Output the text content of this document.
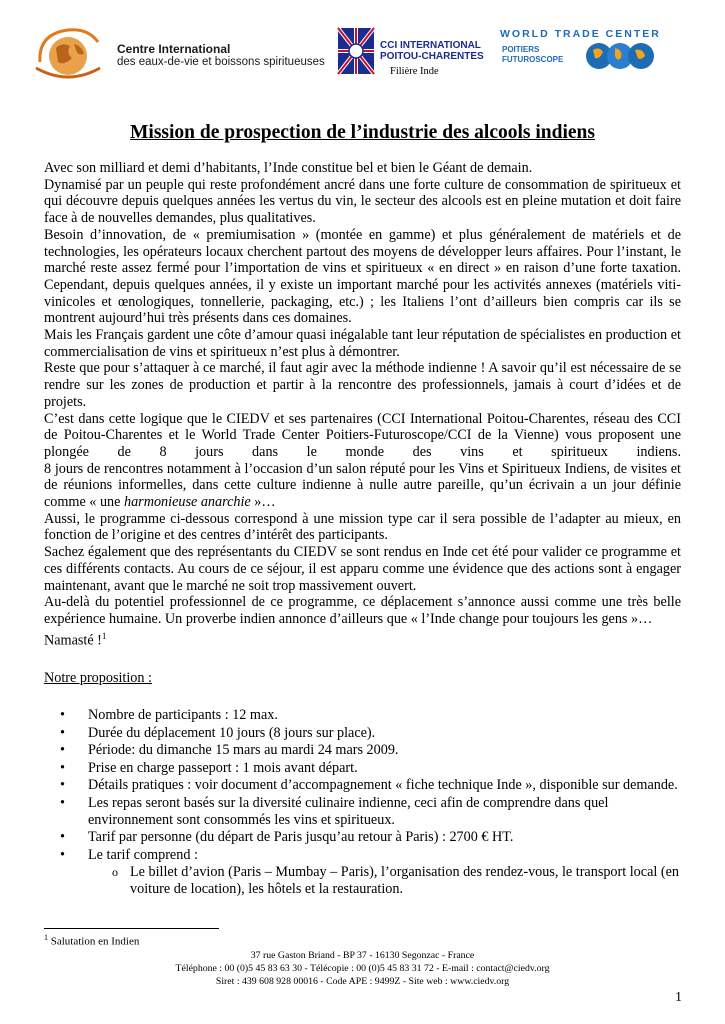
Centre International
des eaux-de-vie et boissons spiritueuses
CCI INTERNATIONAL
POITOU-CHARENTES
Filière Inde
WORLD TRADE CENTER
POITIERS
FUTUROSCOPE
Mission de prospection de l’industrie des alcools indiens

Avec son milliard et demi d’habitants, l’Inde constitue bel et bien le Géant de demain.

Dynamisé par un peuple qui reste profondément ancré dans une forte culture de consommation de spiritueux et qui découvre depuis quelques années les vertus du vin, le secteur des alcools est en pleine mutation et doit faire face à de nouvelles demandes, plus qualitatives.

Besoin d’innovation, de « premiumisation » (montée en gamme) et plus généralement de matériels et de technologies, les opérateurs locaux cherchent partout des moyens de développer leurs affaires. Pour l’instant, le marché reste assez fermé pour l’importation de vins et spiritueux « en direct » en raison d’une forte taxation. Cependant, depuis quelques années, il y existe un important marché pour les activités annexes (matériels viti-vinicoles et œnologiques, tonnellerie, packaging, etc.) ; les Italiens l’ont d’ailleurs bien compris car ils se montrent aujourd’hui très présents dans ces domaines.

Mais les Français gardent une côte d’amour quasi inégalable tant leur réputation de spécialistes en production et commercialisation de vins et spiritueux n’est plus à démontrer.

Reste que pour s’attaquer à ce marché, il faut agir avec la méthode indienne ! A savoir qu’il est nécessaire de se rendre sur les zones de production et partir à la rencontre des professionnels, jamais à court d’idées et de projets.

C’est dans cette logique que le CIEDV et ses partenaires (CCI International Poitou-Charentes, réseau des CCI de Poitou-Charentes et le World Trade Center Poitiers-Futuroscope/CCI de la Vienne) vous proposent une plongée de 8 jours dans le monde des vins et spiritueux indiens.

8 jours de rencontres notamment à l’occasion d’un salon réputé pour les Vins et Spiritueux Indiens, de visites et de réunions informelles, dans cette culture indienne à nulle autre pareille, qu’un écrivain a un jour définie comme « une harmonieuse anarchie »…

Aussi, le programme ci-dessous correspond à une mission type car il sera possible de l’adapter au mieux, en fonction de l’origine et des centres d’intérêt des participants.

Sachez également que des représentants du CIEDV se sont rendus en Inde cet été pour valider ce programme et ces différents contacts. Au cours de ce séjour, il est apparu comme une évidence que des actions sont à engager maintenant, avant que le marché ne soit trop massivement ouvert.

Au-delà du potentiel professionnel de ce programme, ce déplacement s’annonce aussi comme une très belle expérience humaine. Un proverbe indien annonce d’ailleurs que « l’Inde change pour toujours les gens »…

Namasté !$^1$

Notre proposition :
• Nombre de participants : 12 max.
• Durée du déplacement 10 jours (8 jours sur place).
• Période: du dimanche 15 mars au mardi 24 mars 2009.
• Prise en charge passeport : 1 mois avant départ.
• Détails pratiques : voir document d’accompagnement « fiche technique Inde », disponible sur demande.
• Les repas seront basés sur la diversité culinaire indienne, ceci afin de comprendre dans quel environnement sont consommés les vins et spiritueux.
• Tarif par personne (du départ de Paris jusqu’au retour à Paris) : 2700 € HT.
• Le tarif comprend :
o Le billet d’avion (Paris – Mumbay – Paris), l’organisation des rendez-vous, le transport local (en voiture de location), les hôtels et la restauration.
$^1$ Salutation en Indien
37 rue Gaston Briand - BP 37 - 16130 Segonzac - France
Téléphone : 00 (0)5 45 83 63 30 - Télécopie : 00 (0)5 45 83 31 72 - E-mail : contact@ciedv.org
Siret : 439 608 928 00016 - Code APE : 9499Z - Site web : www.ciedv.org
1
